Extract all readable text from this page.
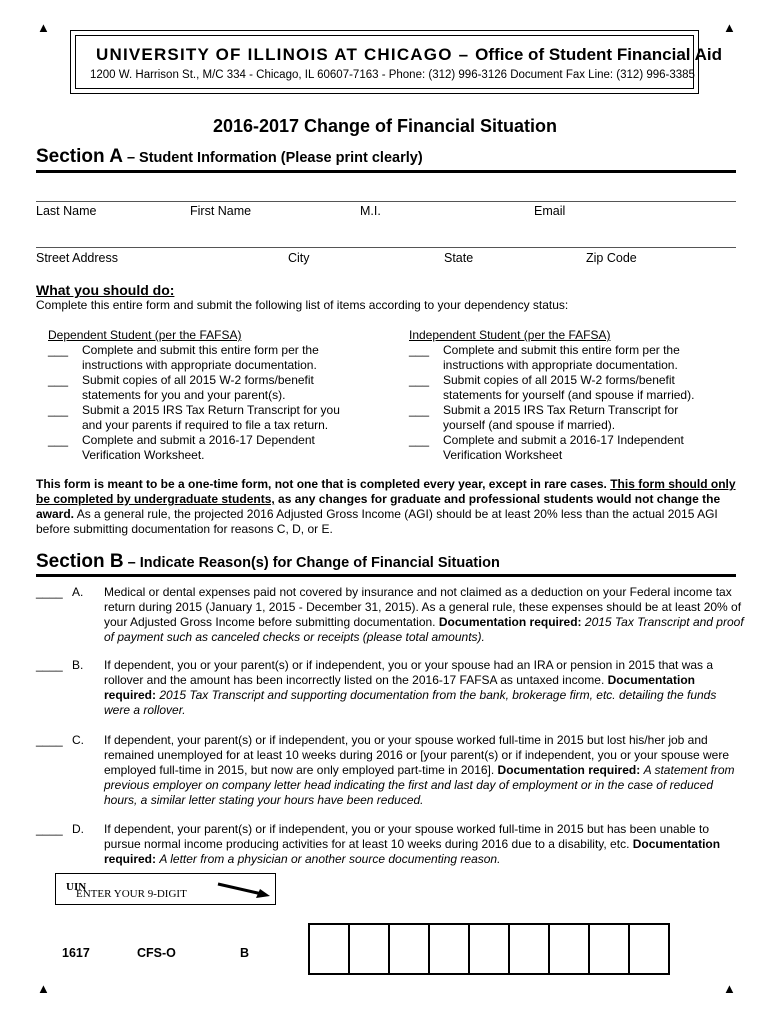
▲	▲
▲	▲
UNIVERSITY OF ILLINOIS AT CHICAGO – Office of Student Financial Aid
1200 W. Harrison St., M/C 334 - Chicago, IL 60607-7163 - Phone: (312) 996-3126 Document Fax Line: (312) 996-3385
2016-2017 Change of Financial Situation
Section A – Student Information (Please print clearly)
Last Name	First Name	M.I.	Email
Street Address	City	State	Zip Code
What you should do:
Complete this entire form and submit the following list of items according to your dependency status:
Dependent Student (per the FAFSA)
___ Complete and submit this entire form per the instructions with appropriate documentation.
___ Submit copies of all 2015 W-2 forms/benefit statements for you and your parent(s).
___ Submit a 2015 IRS Tax Return Transcript for you and your parents if required to file a tax return.
___ Complete and submit a 2016-17 Dependent Verification Worksheet.
Independent Student (per the FAFSA)
___ Complete and submit this entire form per the instructions with appropriate documentation.
___ Submit copies of all 2015 W-2 forms/benefit statements for yourself (and spouse if married).
___ Submit a 2015 IRS Tax Return Transcript for yourself (and spouse if married).
___ Complete and submit a 2016-17 Independent Verification Worksheet
This form is meant to be a one-time form, not one that is completed every year, except in rare cases. This form should only be completed by undergraduate students, as any changes for graduate and professional students would not change the award. As a general rule, the projected 2016 Adjusted Gross Income (AGI) should be at least 20% less than the actual 2015 AGI before submitting documentation for reasons C, D, or E.
Section B – Indicate Reason(s) for Change of Financial Situation
____ A. Medical or dental expenses paid not covered by insurance and not claimed as a deduction on your Federal income tax return during 2015 (January 1, 2015 - December 31, 2015). As a general rule, these expenses should be at least 20% of your Adjusted Gross Income before submitting documentation. Documentation required: 2015 Tax Transcript and proof of payment such as canceled checks or receipts (please total amounts).
____ B. If dependent, you or your parent(s) or if independent, you or your spouse had an IRA or pension in 2015 that was a rollover and the amount has been incorrectly listed on the 2016-17 FAFSA as untaxed income. Documentation required: 2015 Tax Transcript and supporting documentation from the bank, brokerage firm, etc. detailing the funds were a rollover.
____ C. If dependent, your parent(s) or if independent, you or your spouse worked full-time in 2015 but lost his/her job and remained unemployed for at least 10 weeks during 2016 or [your parent(s) or if independent, you or your spouse were employed full-time in 2015, but now are only employed part-time in 2016]. Documentation required: A statement from previous employer on company letter head indicating the first and last day of employment or in the case of reduced hours, a similar letter stating your hours have been reduced.
____ D. If dependent, your parent(s) or if independent, you or your spouse worked full-time in 2015 but has been unable to pursue normal income producing activities for at least 10 weeks during 2016 due to a disability, etc. Documentation required: A letter from a physician or another source documenting reason.
ENTER YOUR 9-DIGIT
UIN
1617	CFS-O	B
